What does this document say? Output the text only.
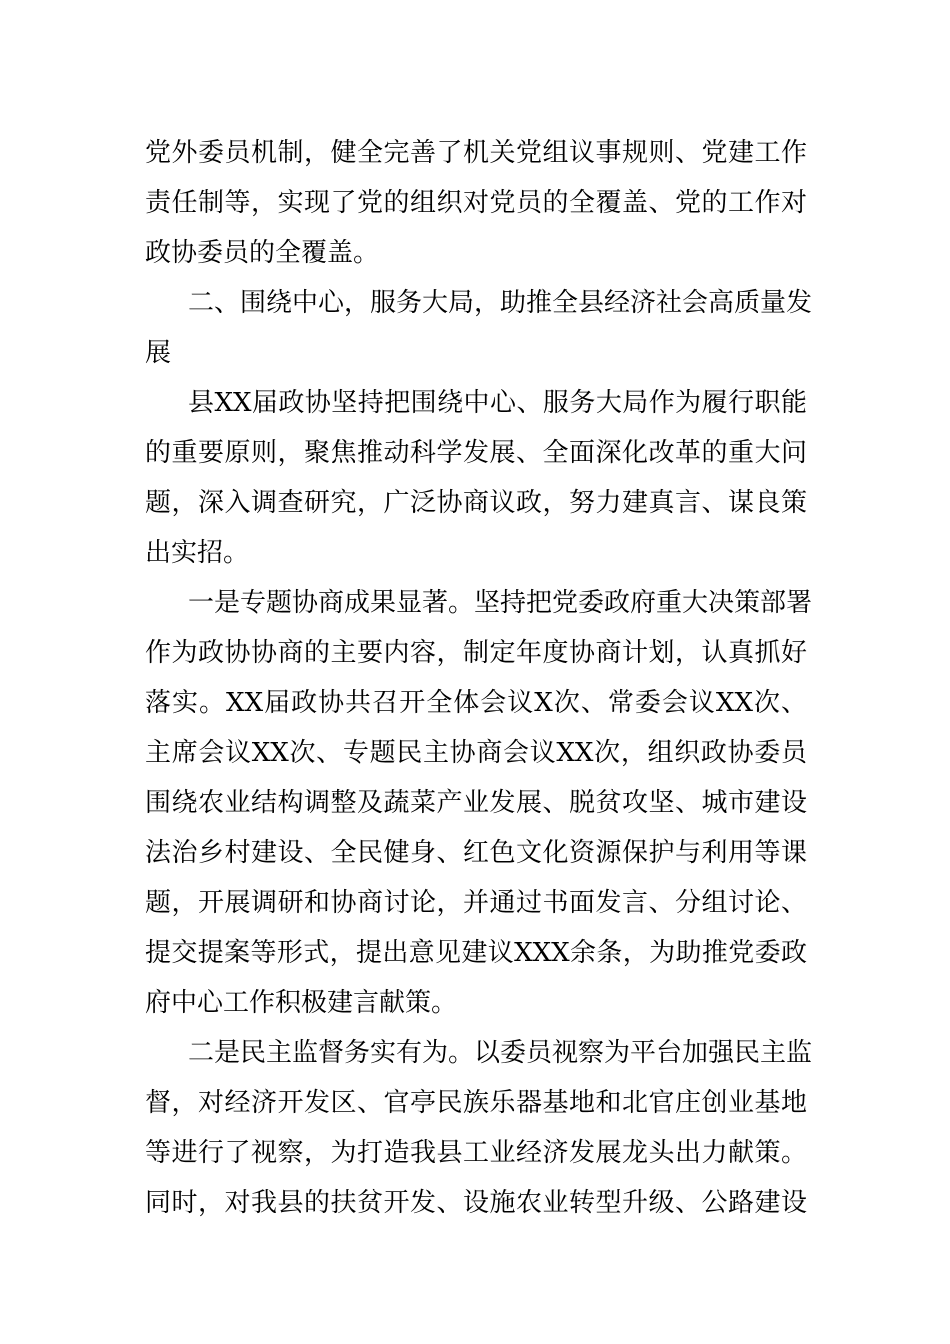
党外委员机制，健全完善了机关党组议事规则、党建工作
责任制等，实现了党的组织对党员的全覆盖、党的工作对
政协委员的全覆盖。
二、围绕中心，服务大局，助推全县经济社会高质量发
展
县XX届政协坚持把围绕中心、服务大局作为履行职能
的重要原则，聚焦推动科学发展、全面深化改革的重大问
题，深入调查研究，广泛协商议政，努力建真言、谋良策
出实招。
一是专题协商成果显著。坚持把党委政府重大决策部署
作为政协协商的主要内容，制定年度协商计划，认真抓好
落实。XX届政协共召开全体会议X次、常委会议XX次、
主席会议XX次、专题民主协商会议XX次，组织政协委员
围绕农业结构调整及蔬菜产业发展、脱贫攻坚、城市建设
法治乡村建设、全民健身、红色文化资源保护与利用等课
题，开展调研和协商讨论，并通过书面发言、分组讨论、
提交提案等形式，提出意见建议XXX余条，为助推党委政
府中心工作积极建言献策。
二是民主监督务实有为。以委员视察为平台加强民主监
督，对经济开发区、官亭民族乐器基地和北官庄创业基地
等进行了视察，为打造我县工业经济发展龙头出力献策。
同时，对我县的扶贫开发、设施农业转型升级、公路建设
